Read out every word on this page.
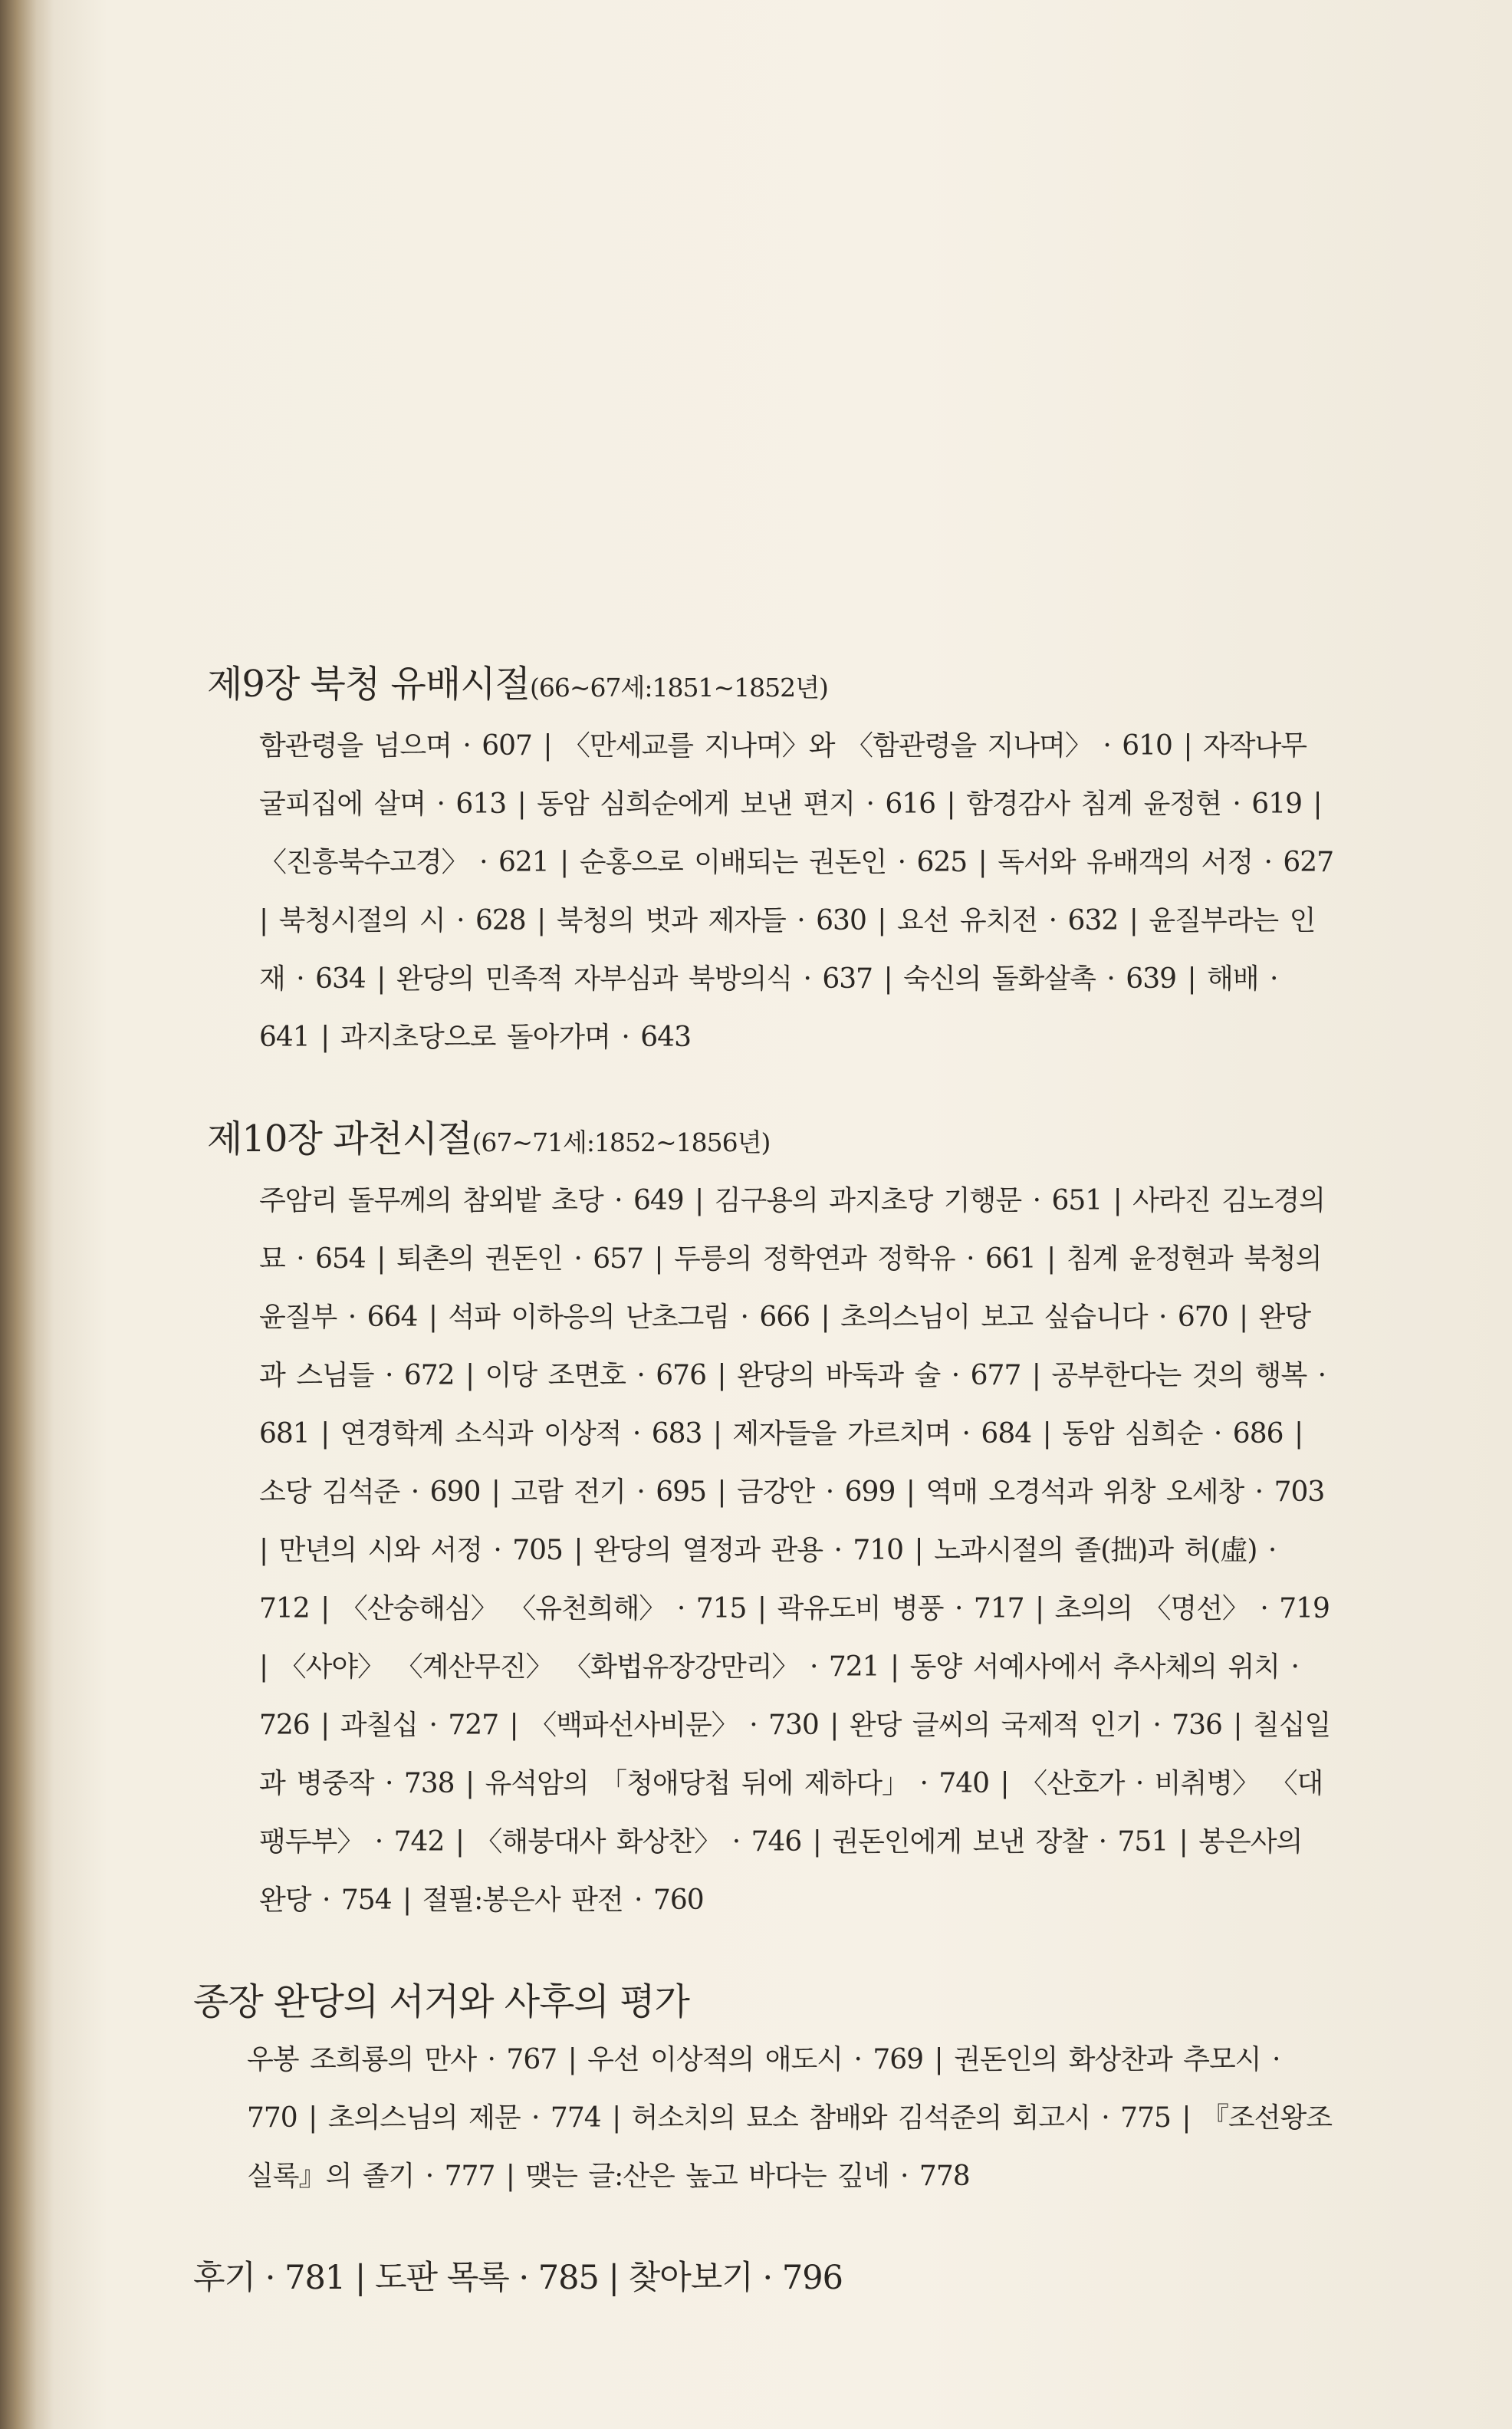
제9장 북청 유배시절(66~67세:1851~1852년)
함관령을 넘으며 · 607 | 〈만세교를 지나며〉와 〈함관령을 지나며〉 · 610 | 자작나무 굴피집에 살며 · 613 | 동암 심희순에게 보낸 편지 · 616 | 함경감사 침계 윤정현 · 619 | 〈진흥북수고경〉 · 621 | 순홍으로 이배되는 권돈인 · 625 | 독서와 유배객의 서정 · 627 | 북청시절의 시 · 628 | 북청의 벗과 제자들 · 630 | 요선 유치전 · 632 | 윤질부라는 인재 · 634 | 완당의 민족적 자부심과 북방의식 · 637 | 숙신의 돌화살촉 · 639 | 해배 · 641 | 과지초당으로 돌아가며 · 643
제10장 과천시절(67~71세:1852~1856년)
주암리 돌무께의 참외밭 초당 · 649 | 김구용의 과지초당 기행문 · 651 | 사라진 김노경의 묘 · 654 | 퇴촌의 권돈인 · 657 | 두릉의 정학연과 정학유 · 661 | 침계 윤정현과 북청의 윤질부 · 664 | 석파 이하응의 난초그림 · 666 | 초의스님이 보고 싶습니다 · 670 | 완당과 스님들 · 672 | 이당 조면호 · 676 | 완당의 바둑과 술 · 677 | 공부한다는 것의 행복 · 681 | 연경학계 소식과 이상적 · 683 | 제자들을 가르치며 · 684 | 동암 심희순 · 686 | 소당 김석준 · 690 | 고람 전기 · 695 | 금강안 · 699 | 역매 오경석과 위창 오세창 · 703 | 만년의 시와 서정 · 705 | 완당의 열정과 관용 · 710 | 노과시절의 졸(拙)과 허(虛) · 712 | 〈산숭해심〉 〈유천희해〉 · 715 | 곽유도비 병풍 · 717 | 초의의 〈명선〉 · 719 | 〈사야〉 〈계산무진〉 〈화법유장강만리〉 · 721 | 동양 서예사에서 추사체의 위치 · 726 | 과칠십 · 727 | 〈백파선사비문〉 · 730 | 완당 글씨의 국제적 인기 · 736 | 칠십일과 병중작 · 738 | 유석암의 「청애당첩 뒤에 제하다」 · 740 | 〈산호가 · 비취병〉 〈대팽두부〉 · 742 | 〈해붕대사 화상찬〉 · 746 | 권돈인에게 보낸 장찰 · 751 | 봉은사의 완당 · 754 | 절필:봉은사 판전 · 760
종장 완당의 서거와 사후의 평가
우봉 조희룡의 만사 · 767 | 우선 이상적의 애도시 · 769 | 권돈인의 화상찬과 추모시 · 770 | 초의스님의 제문 · 774 | 허소치의 묘소 참배와 김석준의 회고시 · 775 | 『조선왕조실록』의 졸기 · 777 | 맺는 글:산은 높고 바다는 깊네 · 778
후기 · 781 | 도판 목록 · 785 | 찾아보기 · 796
